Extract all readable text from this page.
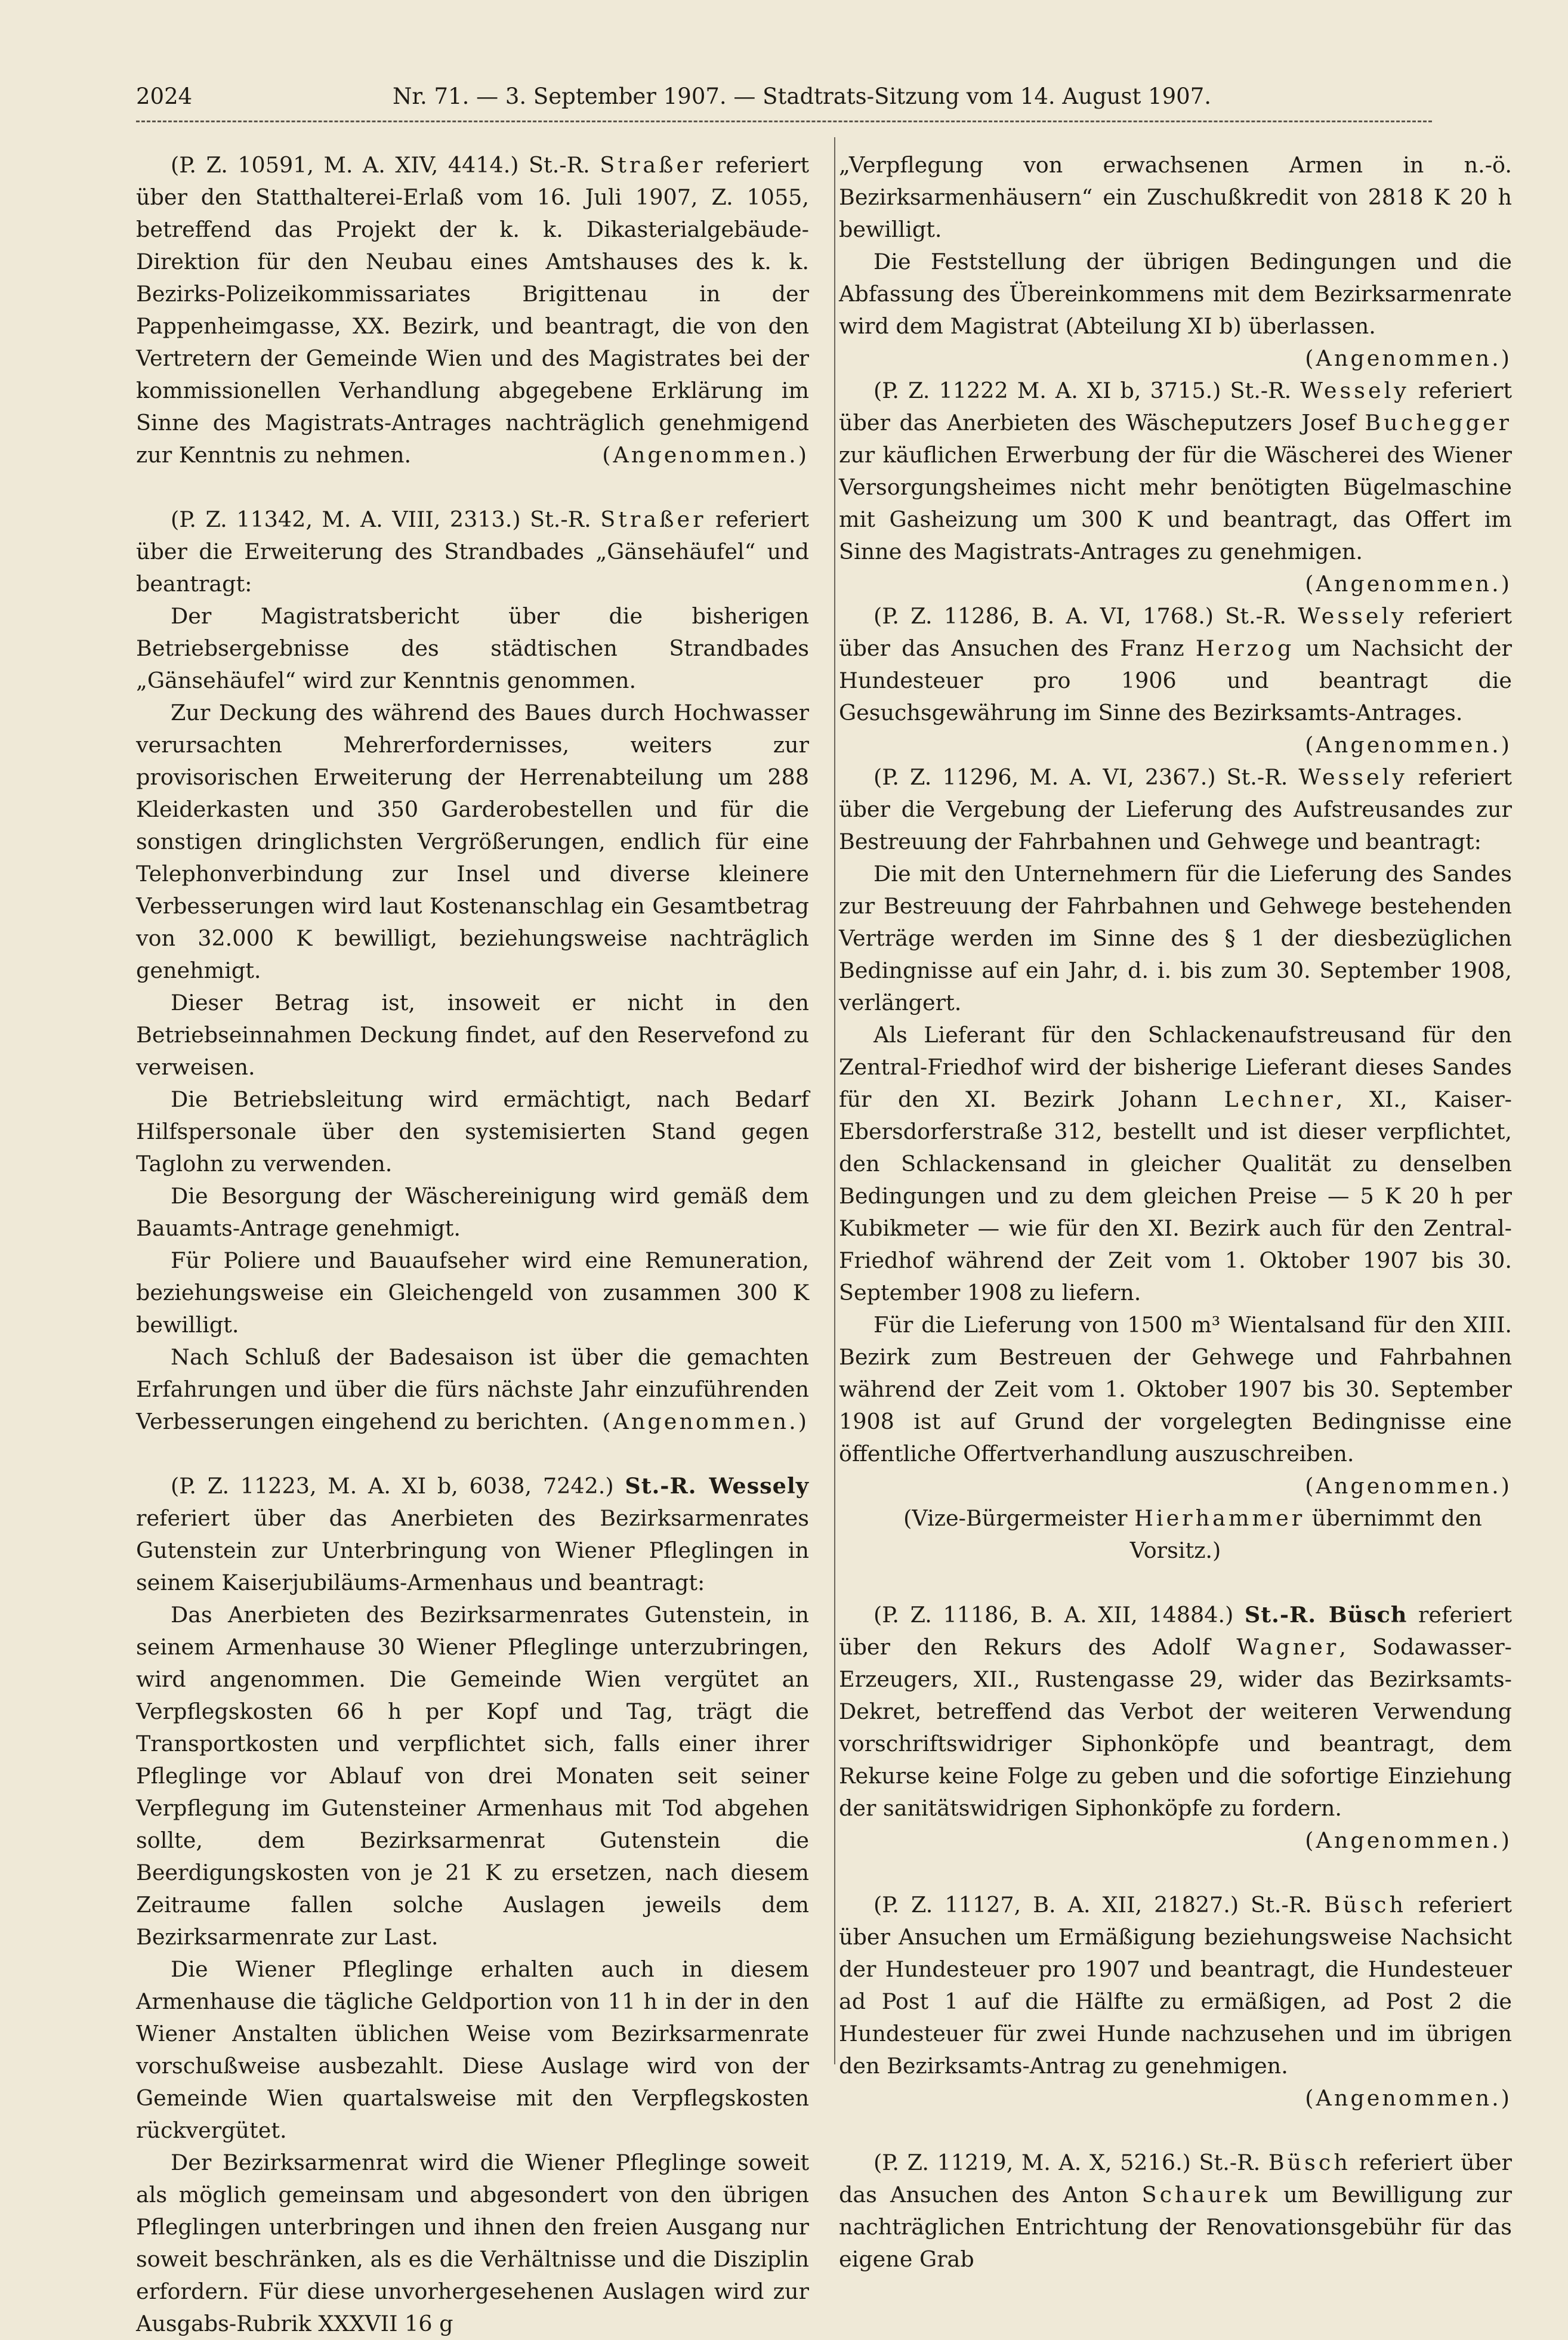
2024	Nr. 71. — 3. September 1907. — Stadtrats-Sitzung vom 14. August 1907.

(P. Z. 10591, M. A. XIV, 4414.) St.-R. Straßer referiert über den Statthalterei-Erlaß vom 16. Juli 1907, Z. 1055, betreffend das Projekt der k. k. Dikasterialgebäude-Direktion für den Neubau eines Amtshauses des k. k. Bezirks-Polizeikommissariates Brigittenau in der Pappenheimgasse, XX. Bezirk, und beantragt, die von den Vertretern der Gemeinde Wien und des Magistrates bei der kommissionellen Verhandlung abgegebene Erklärung im Sinne des Magistrats-Antrages nachträglich genehmigend zur Kenntnis zu nehmen.	(Angenommen.)

(P. Z. 11342, M. A. VIII, 2313.) St.-R. Straßer referiert über die Erweiterung des Strandbades „Gänsehäufel“ und beantragt:

Der Magistratsbericht über die bisherigen Betriebsergebnisse des städtischen Strandbades „Gänsehäufel“ wird zur Kenntnis genommen.

Zur Deckung des während des Baues durch Hochwasser verursachten Mehrerfordernisses, weiters zur provisorischen Erweiterung der Herrenabteilung um 288 Kleiderkasten und 350 Garderobestellen und für die sonstigen dringlichsten Vergrößerungen, endlich für eine Telephonverbindung zur Insel und diverse kleinere Verbesserungen wird laut Kostenanschlag ein Gesamtbetrag von 32.000 K bewilligt, beziehungsweise nachträglich genehmigt.

Dieser Betrag ist, insoweit er nicht in den Betriebseinnahmen Deckung findet, auf den Reservefond zu verweisen.

Die Betriebsleitung wird ermächtigt, nach Bedarf Hilfspersonale über den systemisierten Stand gegen Taglohn zu verwenden.

Die Besorgung der Wäschereinigung wird gemäß dem Bauamts-Antrage genehmigt.

Für Poliere und Bauaufseher wird eine Remuneration, beziehungsweise ein Gleichengeld von zusammen 300 K bewilligt.

Nach Schluß der Badesaison ist über die gemachten Erfahrungen und über die fürs nächste Jahr einzuführenden Verbesserungen eingehend zu berichten. (Angenommen.)

(P. Z. 11223, M. A. XI b, 6038, 7242.) St.-R. Wessely referiert über das Anerbieten des Bezirksarmenrates Gutenstein zur Unterbringung von Wiener Pfleglingen in seinem Kaiserjubiläums-Armenhaus und beantragt:

Das Anerbieten des Bezirksarmenrates Gutenstein, in seinem Armenhause 30 Wiener Pfleglinge unterzubringen, wird angenommen. Die Gemeinde Wien vergütet an Verpflegskosten 66 h per Kopf und Tag, trägt die Transportkosten und verpflichtet sich, falls einer ihrer Pfleglinge vor Ablauf von drei Monaten seit seiner Verpflegung im Gutensteiner Armenhaus mit Tod abgehen sollte, dem Bezirksarmenrat Gutenstein die Beerdigungskosten von je 21 K zu ersetzen, nach diesem Zeitraume fallen solche Auslagen jeweils dem Bezirksarmenrate zur Last.

Die Wiener Pfleglinge erhalten auch in diesem Armenhause die tägliche Geldportion von 11 h in der in den Wiener Anstalten üblichen Weise vom Bezirksarmenrate vorschußweise ausbezahlt. Diese Auslage wird von der Gemeinde Wien quartalsweise mit den Verpflegskosten rückvergütet.

Der Bezirksarmenrat wird die Wiener Pfleglinge soweit als möglich gemeinsam und abgesondert von den übrigen Pfleglingen unterbringen und ihnen den freien Ausgang nur soweit beschränken, als es die Verhältnisse und die Disziplin erfordern. Für diese unvorhergesehenen Auslagen wird zur Ausgabs-Rubrik XXXVII 16 g

„Verpflegung von erwachsenen Armen in n.-ö. Bezirksarmenhäusern“ ein Zuschußkredit von 2818 K 20 h bewilligt.

Die Feststellung der übrigen Bedingungen und die Abfassung des Übereinkommens mit dem Bezirksarmenrate wird dem Magistrat (Abteilung XI b) überlassen.
(Angenommen.)

(P. Z. 11222 M. A. XI b, 3715.) St.-R. Wessely referiert über das Anerbieten des Wäscheputzers Josef Buchegger zur käuflichen Erwerbung der für die Wäscherei des Wiener Versorgungsheimes nicht mehr benötigten Bügelmaschine mit Gasheizung um 300 K und beantragt, das Offert im Sinne des Magistrats-Antrages zu genehmigen.
(Angenommen.)

(P. Z. 11286, B. A. VI, 1768.) St.-R. Wessely referiert über das Ansuchen des Franz Herzog um Nachsicht der Hundesteuer pro 1906 und beantragt die Gesuchsgewährung im Sinne des Bezirksamts-Antrages.
(Angenommen.)

(P. Z. 11296, M. A. VI, 2367.) St.-R. Wessely referiert über die Vergebung der Lieferung des Aufstreusandes zur Bestreuung der Fahrbahnen und Gehwege und beantragt:

Die mit den Unternehmern für die Lieferung des Sandes zur Bestreuung der Fahrbahnen und Gehwege bestehenden Verträge werden im Sinne des § 1 der diesbezüglichen Bedingnisse auf ein Jahr, d. i. bis zum 30. September 1908, verlängert.

Als Lieferant für den Schlackenaufstreusand für den Zentral-Friedhof wird der bisherige Lieferant dieses Sandes für den XI. Bezirk Johann Lechner, XI., Kaiser-Ebersdorferstraße 312, bestellt und ist dieser verpflichtet, den Schlackensand in gleicher Qualität zu denselben Bedingungen und zu dem gleichen Preise — 5 K 20 h per Kubikmeter — wie für den XI. Bezirk auch für den Zentral-Friedhof während der Zeit vom 1. Oktober 1907 bis 30. September 1908 zu liefern.

Für die Lieferung von 1500 m³ Wientalsand für den XIII. Bezirk zum Bestreuen der Gehwege und Fahrbahnen während der Zeit vom 1. Oktober 1907 bis 30. September 1908 ist auf Grund der vorgelegten Bedingnisse eine öffentliche Offertverhandlung auszuschreiben.
(Angenommen.)

(Vize-Bürgermeister Hierhammer übernimmt den Vorsitz.)

(P. Z. 11186, B. A. XII, 14884.) St.-R. Büsch referiert über den Rekurs des Adolf Wagner, Sodawasser-Erzeugers, XII., Rustengasse 29, wider das Bezirksamts-Dekret, betreffend das Verbot der weiteren Verwendung vorschriftswidriger Siphonköpfe und beantragt, dem Rekurse keine Folge zu geben und die sofortige Einziehung der sanitätswidrigen Siphonköpfe zu fordern.

(Angenommen.)

(P. Z. 11127, B. A. XII, 21827.) St.-R. Büsch referiert über Ansuchen um Ermäßigung beziehungsweise Nachsicht der Hundesteuer pro 1907 und beantragt, die Hundesteuer ad Post 1 auf die Hälfte zu ermäßigen, ad Post 2 die Hundesteuer für zwei Hunde nachzusehen und im übrigen den Bezirksamts-Antrag zu genehmigen.

(Angenommen.)

(P. Z. 11219, M. A. X, 5216.) St.-R. Büsch referiert über das Ansuchen des Anton Schaurek um Bewilligung zur nachträglichen Entrichtung der Renovationsgebühr für das eigene Grab
